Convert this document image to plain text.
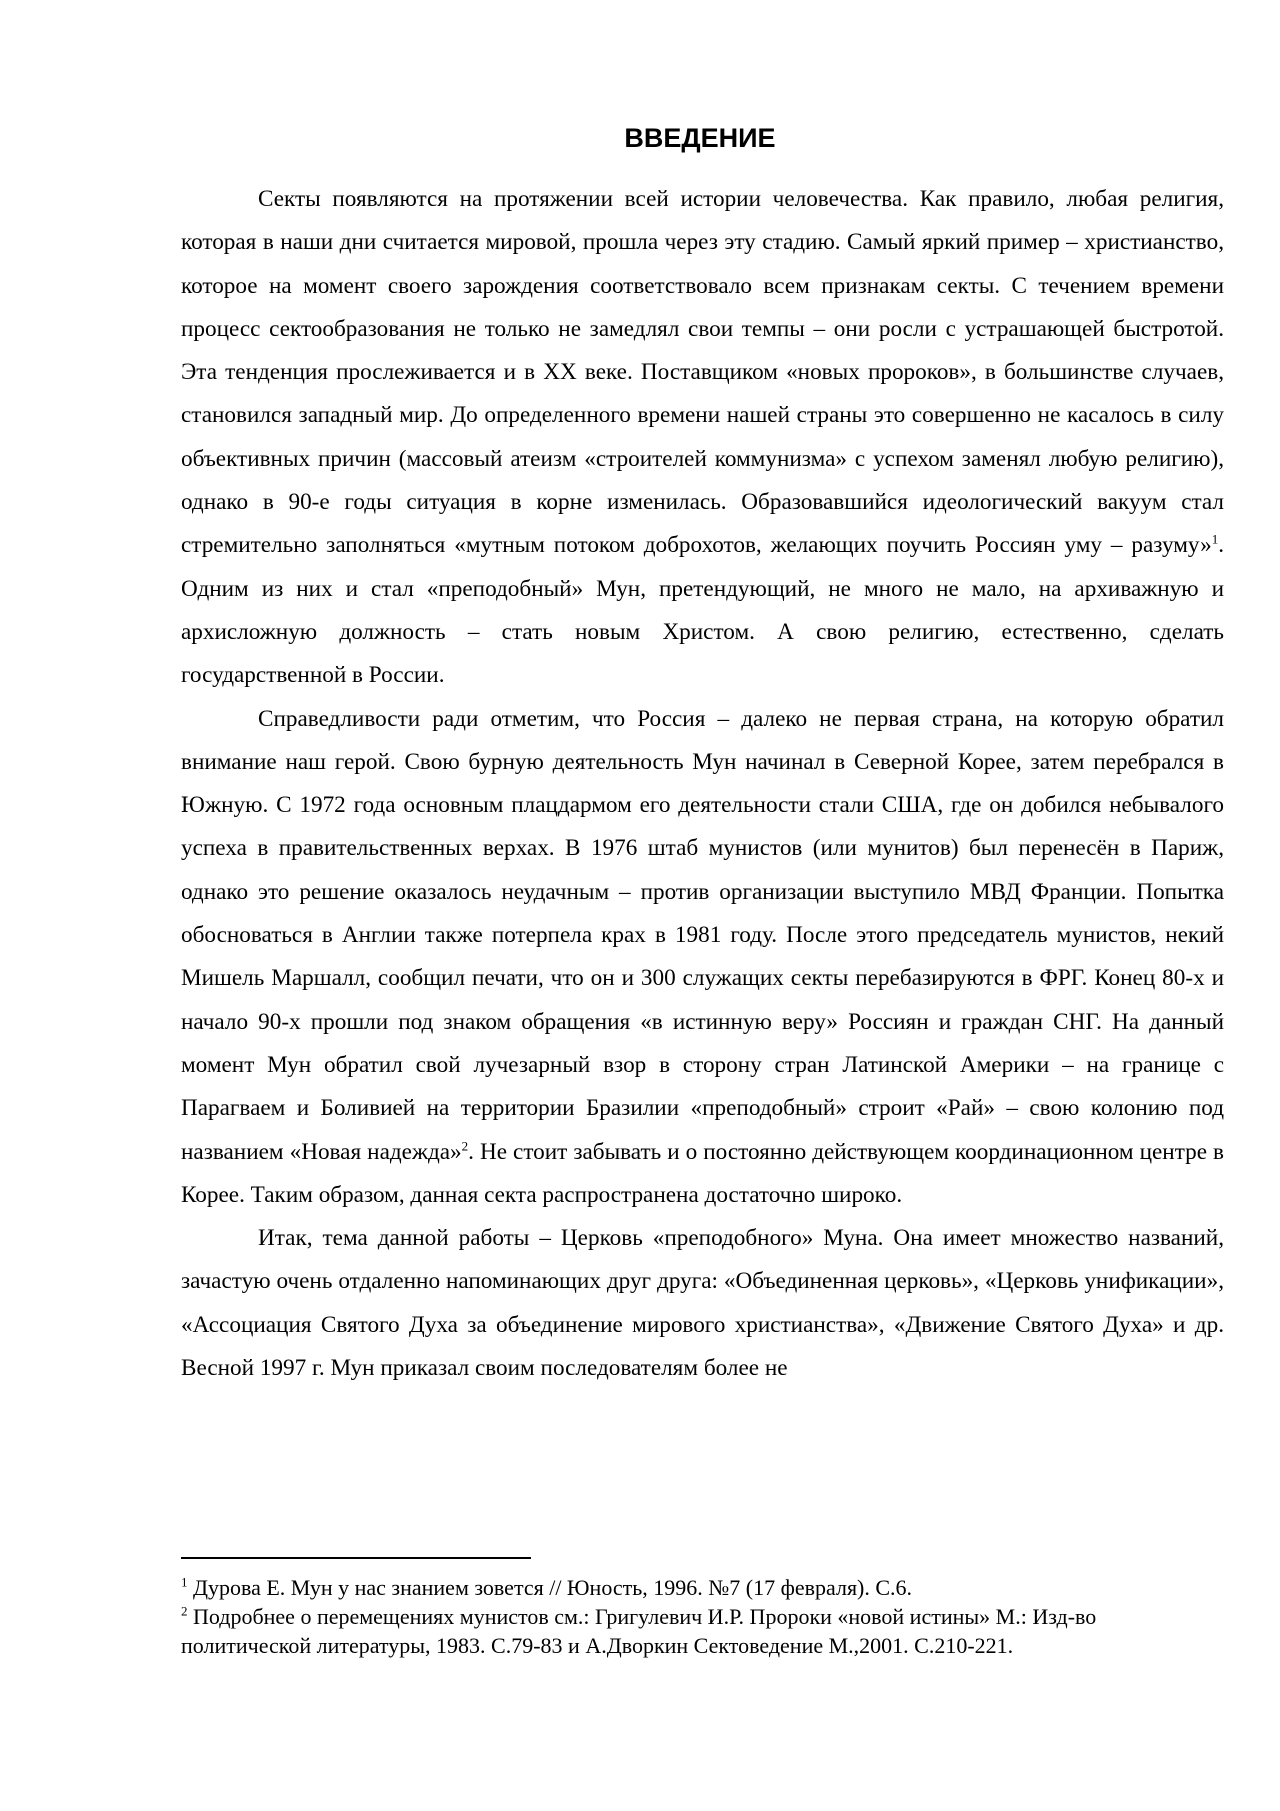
ВВЕДЕНИЕ

Секты появляются на протяжении всей истории человечества. Как правило, любая религия, которая в наши дни считается мировой, прошла через эту стадию. Самый яркий пример – христианство, которое на момент своего зарождения соответствовало всем признакам секты. С течением времени процесс сектообразования не только не замедлял свои темпы – они росли с устрашающей быстротой. Эта тенденция прослеживается и в ХХ веке. Поставщиком «новых пророков», в большинстве случаев, становился западный мир. До определенного времени нашей страны это совершенно не касалось в силу объективных причин (массовый атеизм «строителей коммунизма» с успехом заменял любую религию), однако в 90-е годы ситуация в корне изменилась. Образовавшийся идеологический вакуум стал стремительно заполняться «мутным потоком доброхотов, желающих поучить Россиян уму – разуму»$^1$. Одним из них и стал «преподобный» Мун, претендующий, не много не мало, на архиважную и архисложную должность – стать новым Христом. А свою религию, естественно, сделать государственной в России.

Справедливости ради отметим, что Россия – далеко не первая страна, на которую обратил внимание наш герой. Свою бурную деятельность Мун начинал в Северной Корее, затем перебрался в Южную. С 1972 года основным плацдармом его деятельности стали США, где он добился небывалого успеха в правительственных верхах. В 1976 штаб мунистов (или мунитов) был перенесён в Париж, однако это решение оказалось неудачным – против организации выступило МВД Франции. Попытка обосноваться в Англии также потерпела крах в 1981 году. После этого председатель мунистов, некий Мишель Маршалл, сообщил печати, что он и 300 служащих секты перебазируются в ФРГ. Конец 80-х и начало 90-х прошли под знаком обращения «в истинную веру» Россиян и граждан СНГ. На данный момент Мун обратил свой лучезарный взор в сторону стран Латинской Америки – на границе с Парагваем и Боливией на территории Бразилии «преподобный» строит «Рай» – свою колонию под названием «Новая надежда»$^2$. Не стоит забывать и о постоянно действующем координационном центре в Корее. Таким образом, данная секта распространена достаточно широко.

Итак, тема данной работы – Церковь «преподобного» Муна. Она имеет множество названий, зачастую очень отдаленно напоминающих друг друга: «Объединенная церковь», «Церковь унификации», «Ассоциация Святого Духа за объединение мирового христианства», «Движение Святого Духа» и др. Весной 1997 г. Мун приказал своим последователям более не

$^1$ Дурова Е. Мун у нас знанием зовется // Юность, 1996. №7 (17 февраля). С.6.

$^2$ Подробнее о перемещениях мунистов см.: Григулевич И.Р. Пророки «новой истины» М.: Изд-во политической литературы, 1983. С.79-83 и А.Дворкин Сектоведение М.,2001. С.210-221.
